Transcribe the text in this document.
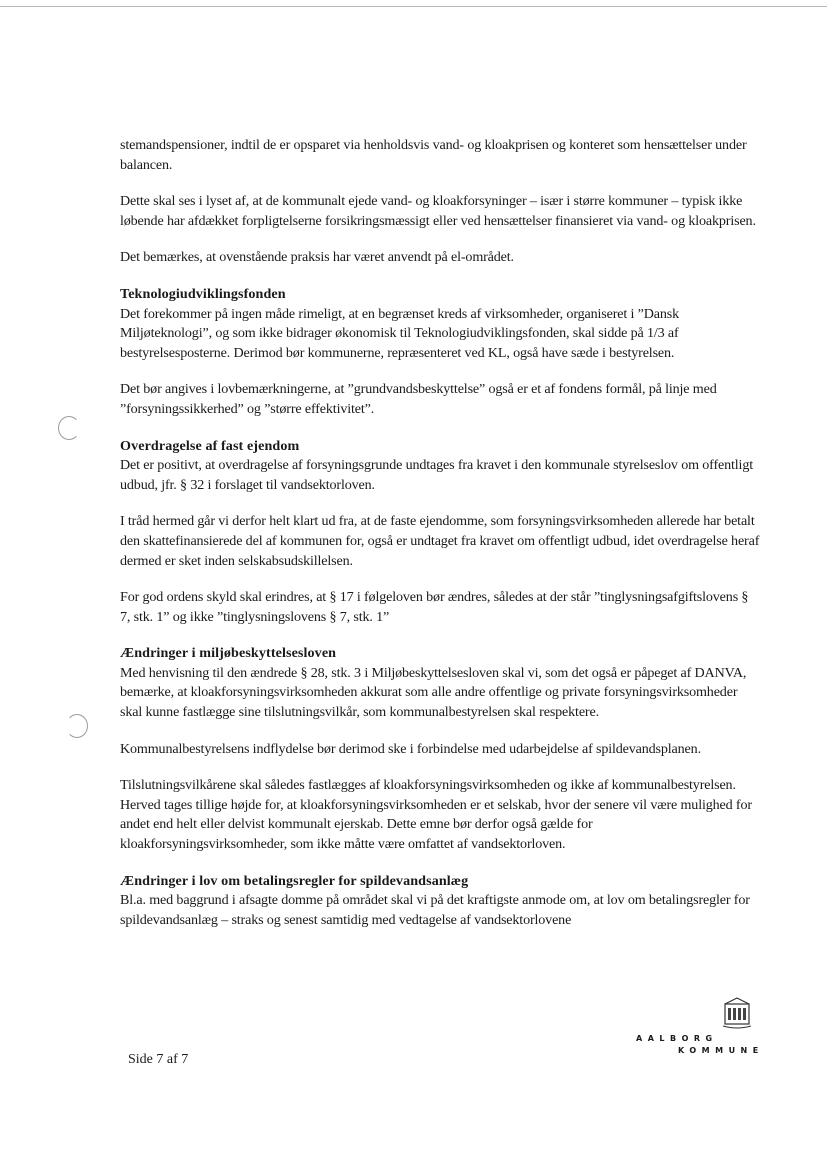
stemandspensioner, indtil de er opsparet via henholdsvis vand- og kloakprisen og konteret som hensættelser under balancen.

Dette skal ses i lyset af, at de kommunalt ejede vand- og kloakforsyninger – især i større kommuner – typisk ikke løbende har afdækket forpligtelserne forsikringsmæssigt eller ved hensættelser finansieret via vand- og kloakprisen.

Det bemærkes, at ovenstående praksis har været anvendt på el-området.

Teknologiudviklingsfonden

Det forekommer på ingen måde rimeligt, at en begrænset kreds af virksomheder, organiseret i ”Dansk Miljøteknologi”, og som ikke bidrager økonomisk til Teknologiudviklingsfonden, skal sidde på 1/3 af bestyrelsesposterne. Derimod bør kommunerne, repræsenteret ved KL, også have sæde i bestyrelsen.

Det bør angives i lovbemærkningerne, at ”grundvandsbeskyttelse” også er et af fondens formål, på linje med ”forsyningssikkerhed” og ”større effektivitet”.

Overdragelse af fast ejendom

Det er positivt, at overdragelse af forsyningsgrunde undtages fra kravet i den kommunale styrelseslov om offentligt udbud, jfr. § 32 i forslaget til vandsektorloven.

I tråd hermed går vi derfor helt klart ud fra, at de faste ejendomme, som forsyningsvirksomheden allerede har betalt den skattefinansierede del af kommunen for, også er undtaget fra kravet om offentligt udbud, idet overdragelse heraf dermed er sket inden selskabsudskillelsen.

For god ordens skyld skal erindres, at § 17 i følgeloven bør ændres, således at der står ”tinglysningsafgiftslovens § 7, stk. 1” og ikke ”tinglysningslovens § 7, stk. 1”

Ændringer i miljøbeskyttelsesloven

Med henvisning til den ændrede § 28, stk. 3 i Miljøbeskyttelsesloven skal vi, som det også er påpeget af DANVA, bemærke, at kloakforsyningsvirksomheden akkurat som alle andre offentlige og private forsyningsvirksomheder skal kunne fastlægge sine tilslutningsvilkår, som kommunalbestyrelsen skal respektere.

Kommunalbestyrelsens indflydelse bør derimod ske i forbindelse med udarbejdelse af spildevandsplanen.

Tilslutningsvilkårene skal således fastlægges af kloakforsyningsvirksomheden og ikke af kommunalbestyrelsen. Herved tages tillige højde for, at kloakforsyningsvirksomheden er et selskab, hvor der senere vil være mulighed for andet end helt eller delvist kommunalt ejerskab. Dette emne bør derfor også gælde for kloakforsyningsvirksomheder, som ikke måtte være omfattet af vandsektorloven.

Ændringer i lov om betalingsregler for spildevandsanlæg

Bl.a. med baggrund i afsagte domme på området skal vi på det kraftigste anmode om, at lov om betalingsregler for spildevandsanlæg – straks og senest samtidig med vedtagelse af vandsektorlovene

Side 7 af 7
AALBORG
KOMMUNE
